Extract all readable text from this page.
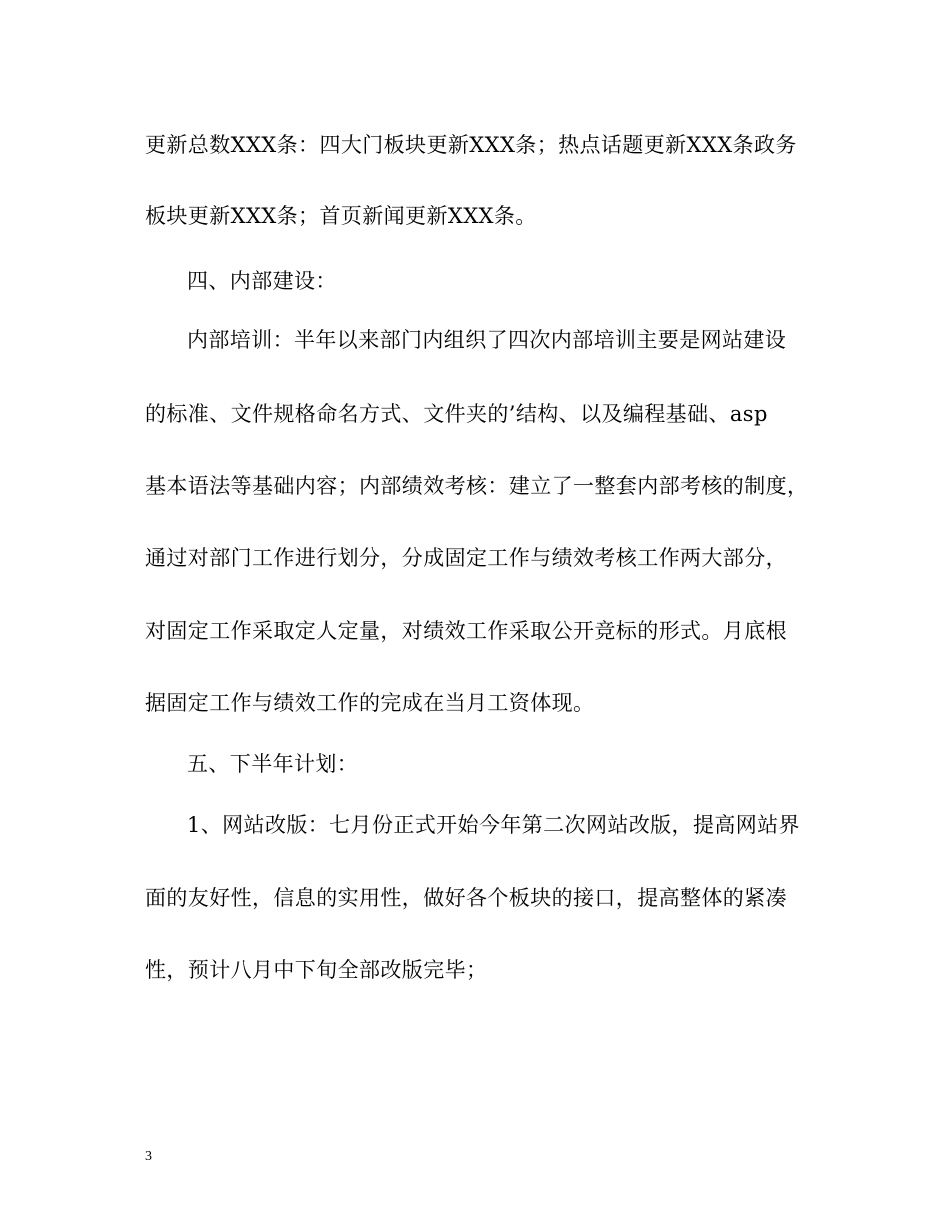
更新总数XXX条：四大门板块更新XXX条；热点话题更新XXX条政务
板块更新XXX条；首页新闻更新XXX条。
四、内部建设：
内部培训：半年以来部门内组织了四次内部培训主要是网站建设
的标准、文件规格命名方式、文件夹的’结构、以及编程基础、asp
基本语法等基础内容；内部绩效考核：建立了一整套内部考核的制度，
通过对部门工作进行划分，分成固定工作与绩效考核工作两大部分，
对固定工作采取定人定量，对绩效工作采取公开竞标的形式。月底根
据固定工作与绩效工作的完成在当月工资体现。
五、下半年计划：
1、网站改版：七月份正式开始今年第二次网站改版，提高网站界
面的友好性，信息的实用性，做好各个板块的接口，提高整体的紧凑
性，预计八月中下旬全部改版完毕；
3
